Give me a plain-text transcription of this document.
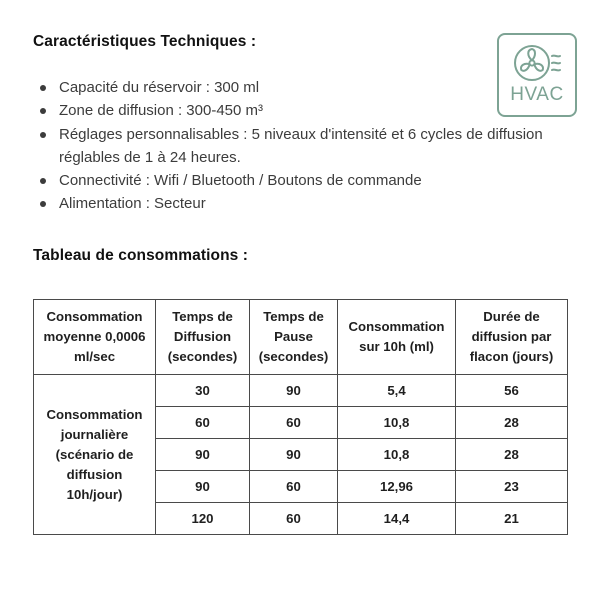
Caractéristiques Techniques :
HVAC
Capacité du réservoir : 300 ml
Zone de diffusion : 300-450 m³
Réglages personnalisables : 5 niveaux d'intensité et 6 cycles de diffusion réglables de 1 à 24 heures.
Connectivité : Wifi / Bluetooth / Boutons de commande
Alimentation : Secteur
Tableau de consommations :
Consommation moyenne 0,0006 ml/sec	Temps de Diffusion (secondes)	Temps de Pause (secondes)	Consommation sur 10h (ml)	Durée de diffusion par flacon (jours)
Consommation journalière (scénario de diffusion 10h/jour)	30	90	5,4	56
	60	60	10,8	28
	90	90	10,8	28
	90	60	12,96	23
	120	60	14,4	21
